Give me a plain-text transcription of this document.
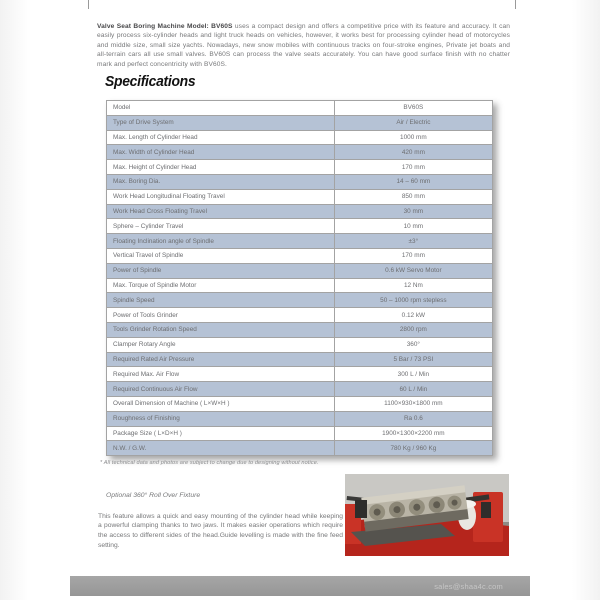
Valve Seat Boring Machine Model: BV60S uses a compact design and offers a competitive price with its feature and accuracy. It can easily process six-cylinder heads and light truck heads on vehicles, however, it works best for processing cylinder head of motorcycles and middle size, small size yachts. Nowadays, new snow mobiles with continuous tracks on four-stroke engines, Private jet boats and all-terrain cars all use small valves. BV60S can process the valve seats accurately. You can have good surface finish with no chatter mark and perfect concentricity with BV60S.

Specifications
Model	BV60S
Type of Drive System	Air / Electric
Max. Length of Cylinder Head	1000 mm
Max. Width of Cylinder Head	420 mm
Max. Height of Cylinder Head	170 mm
Max. Boring Dia.	14 – 60 mm
Work Head Longitudinal Floating Travel	850 mm
Work Head Cross Floating Travel	30 mm
Sphere – Cylinder Travel	10 mm
Floating Inclination angle of Spindle	±3°
Vertical Travel of Spindle	170 mm
Power of Spindle	0.6 kW Servo Motor
Max. Torque of Spindle Motor	12 Nm
Spindle Speed	50 – 1000 rpm stepless
Power of Tools Grinder	0.12 kW
Tools Grinder Rotation Speed	2800 rpm
Clamper Rotary Angle	360°
Required Rated Air Pressure	5 Bar / 73 PSI
Required Max. Air Flow	300 L / Min
Required Continuous Air Flow	60 L / Min
Overall Dimension of Machine ( L×W×H )	1100×930×1800 mm
Roughness of Finishing	Ra 0.6
Package Size ( L×D×H )	1900×1300×2200 mm
N.W. / G.W.	780 Kg / 960 Kg
* All technical data and photos are subject to change due to designing without notice.
Optional 360° Roll Over Fixture

This feature allows a quick and easy mounting of the cylinder head while keeping a powerful clamping thanks to two jaws. It makes easier operations which require the access to different sides of the head.Guide levelling is made with the fine feed setting.

sales@shaa4c.com
